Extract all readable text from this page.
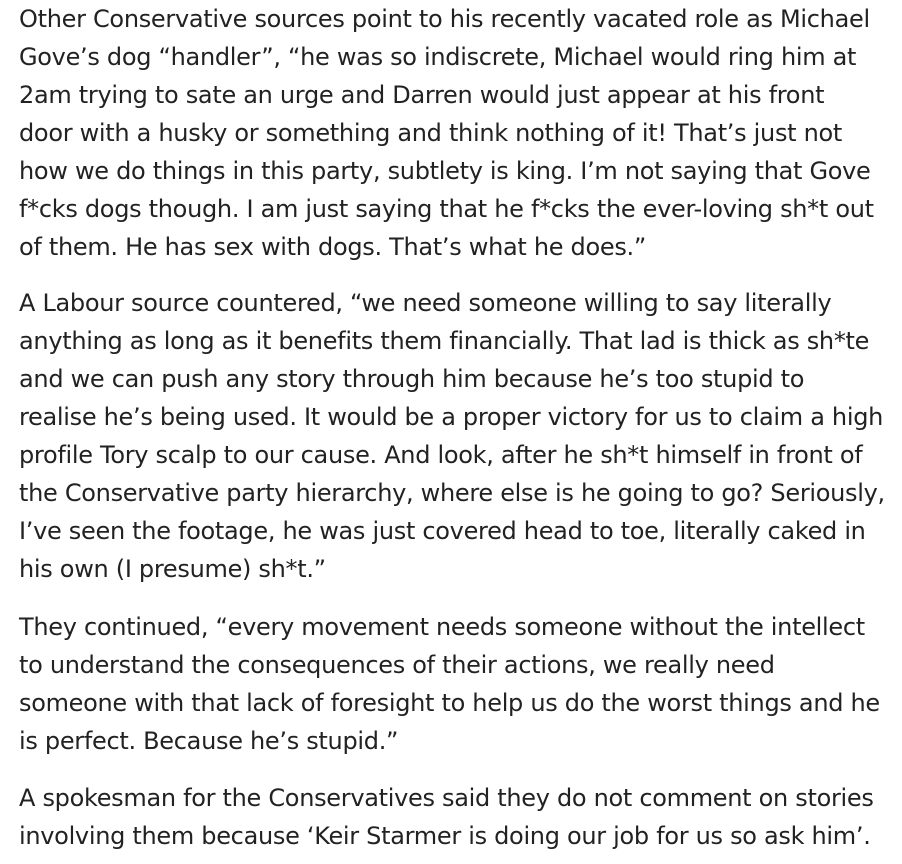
Other Conservative sources point to his recently vacated role as Michael
Gove’s dog “handler”, “he was so indiscrete, Michael would ring him at
2am trying to sate an urge and Darren would just appear at his front
door with a husky or something and think nothing of it! That’s just not
how we do things in this party, subtlety is king. I’m not saying that Gove
f*cks dogs though. I am just saying that he f*cks the ever-loving sh*t out
of them. He has sex with dogs. That’s what he does.”

A Labour source countered, “we need someone willing to say literally
anything as long as it benefits them financially. That lad is thick as sh*te
and we can push any story through him because he’s too stupid to
realise he’s being used. It would be a proper victory for us to claim a high
profile Tory scalp to our cause. And look, after he sh*t himself in front of
the Conservative party hierarchy, where else is he going to go? Seriously,
I’ve seen the footage, he was just covered head to toe, literally caked in
his own (I presume) sh*t.”

They continued, “every movement needs someone without the intellect
to understand the consequences of their actions, we really need
someone with that lack of foresight to help us do the worst things and he
is perfect. Because he’s stupid.”

A spokesman for the Conservatives said they do not comment on stories
involving them because ‘Keir Starmer is doing our job for us so ask him’.
